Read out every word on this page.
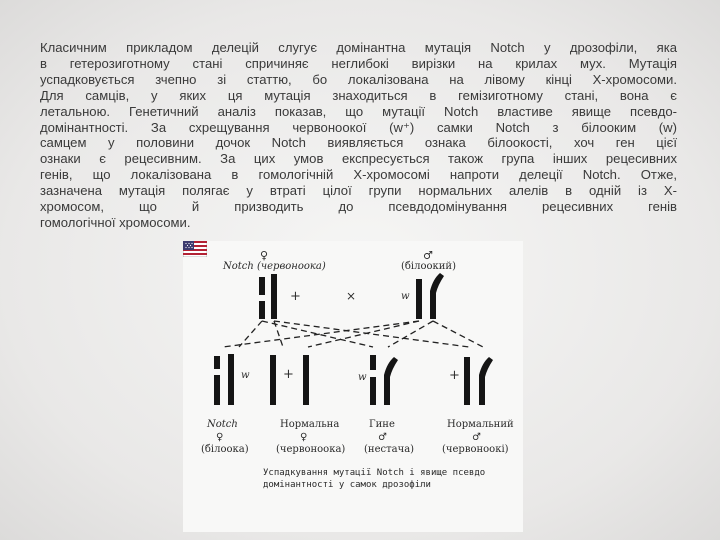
Класичним прикладом делецій слугує домінантна мутація Notch у дрозофіли, яка
в гетерозиготному стані спричиняє неглибокі вирізки на крилах мух. Мутація
успадковується зчепно зі статтю, бо локалізована на лівому кінці Х-хромосоми.
Для самців, у яких ця мутація знаходиться в гемізиготному стані, вона є
летальною. Генетичний аналіз показав, що мутації Notch властиве явище псевдо-
домінантності. За схрещування червоноокої (w⁺) самки Notch з білооким (w)
самцем у половини дочок Notch виявляється ознака білоокості, хоч ген цієї
ознаки є рецесивним. За цих умов експресується також група інших рецесивних
генів, що локалізована в гомологічній Х-хромосомі напроти делеції Notch. Отже,
зазначена мутація полягає у втраті цілої групи нормальних алелів в одній із Х-
хромосом, що й призводить до псевдодомінування рецесивних генів
гомологічної хромосоми.
Notch (червоноока)
♀	♂
(білоокий)
+	×	w
w	+	w	+
Notch
♀
(білоока)
Нормальна
♀
(червоноока)
Гине
♂
(нестача)
Нормальний
♂
(червоноокі)
Успадкування мутації Notch і явище псевдо
домінантності у самок дрозофіли
